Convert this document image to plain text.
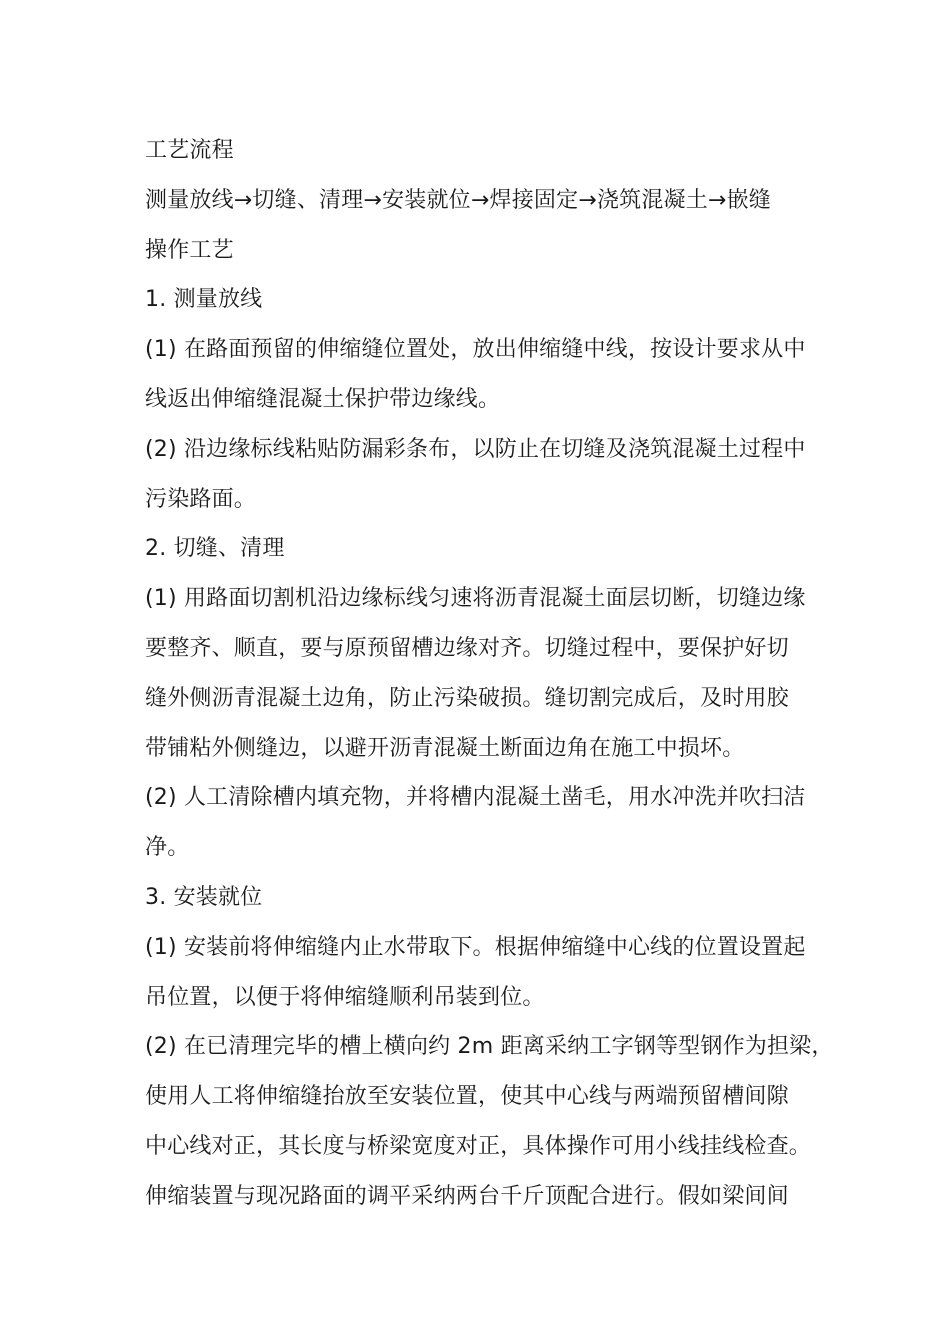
工艺流程
测量放线→切缝、清理→安装就位→焊接固定→浇筑混凝土→嵌缝
操作工艺
1. 测量放线
(1) 在路面预留的伸缩缝位置处，放出伸缩缝中线，按设计要求从中
线返出伸缩缝混凝土保护带边缘线。
(2) 沿边缘标线粘贴防漏彩条布，以防止在切缝及浇筑混凝土过程中
污染路面。
2. 切缝、清理
(1) 用路面切割机沿边缘标线匀速将沥青混凝土面层切断，切缝边缘
要整齐、顺直，要与原预留槽边缘对齐。切缝过程中，要保护好切
缝外侧沥青混凝土边角，防止污染破损。缝切割完成后，及时用胶
带铺粘外侧缝边，以避开沥青混凝土断面边角在施工中损坏。
(2) 人工清除槽内填充物，并将槽内混凝土凿毛，用水冲洗并吹扫洁
净。
3. 安装就位
(1) 安装前将伸缩缝内止水带取下。根据伸缩缝中心线的位置设置起
吊位置，以便于将伸缩缝顺利吊装到位。
(2) 在已清理完毕的槽上横向约 2m 距离采纳工字钢等型钢作为担梁，
使用人工将伸缩缝抬放至安装位置，使其中心线与两端预留槽间隙
中心线对正，其长度与桥梁宽度对正，具体操作可用小线挂线检查。
伸缩装置与现况路面的调平采纳两台千斤顶配合进行。假如梁间间
